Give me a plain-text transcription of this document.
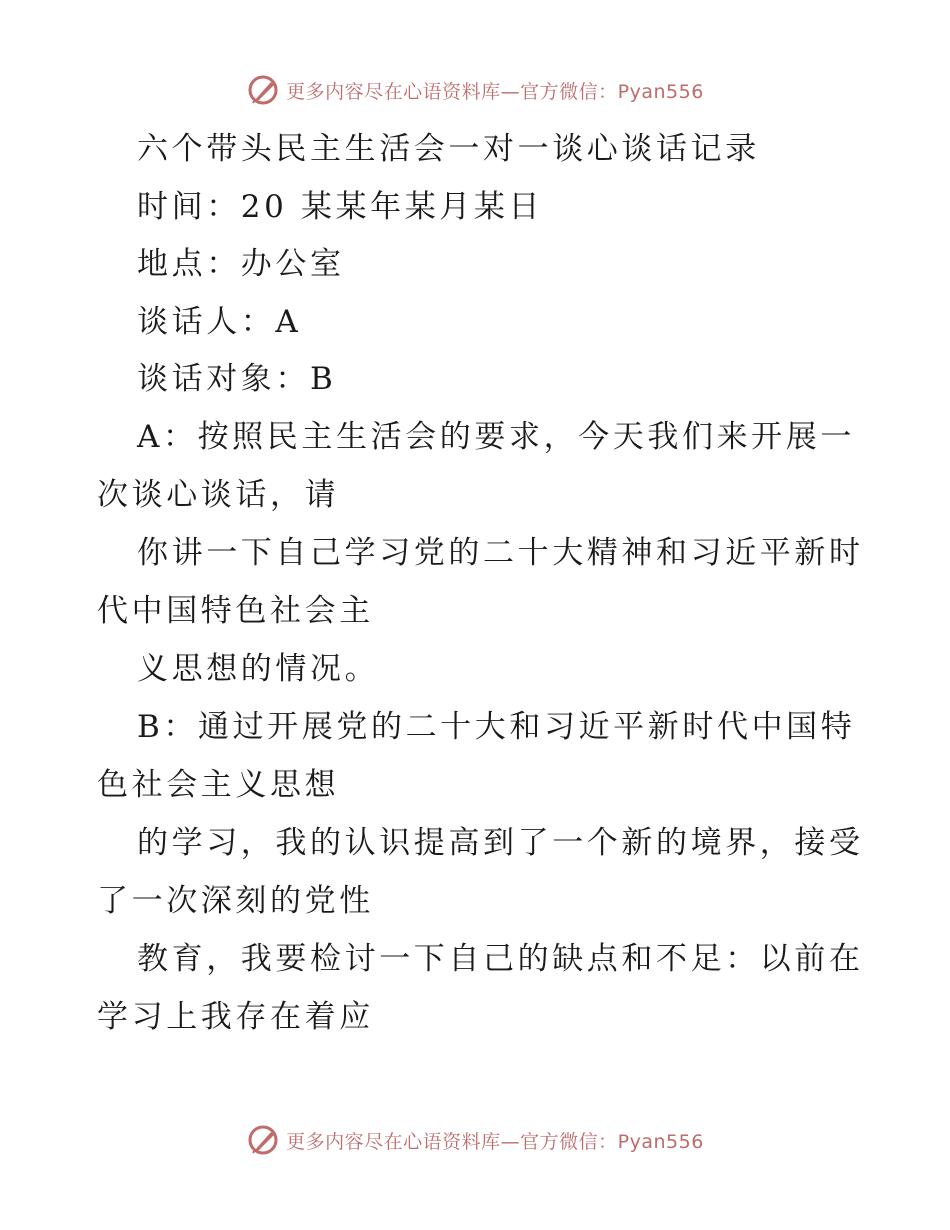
更多内容尽在心语资料库—官方微信：Pyan556
六个带头民主生活会一对一谈心谈话记录
时间：20 某某年某月某日
地点：办公室
谈话人：A
谈话对象：B
A：按照民主生活会的要求，今天我们来开展一
次谈心谈话，请
你讲一下自己学习党的二十大精神和习近平新时
代中国特色社会主
义思想的情况。
B：通过开展党的二十大和习近平新时代中国特
色社会主义思想
的学习，我的认识提高到了一个新的境界，接受
了一次深刻的党性
教育，我要检讨一下自己的缺点和不足：以前在
学习上我存在着应
更多内容尽在心语资料库—官方微信：Pyan556
